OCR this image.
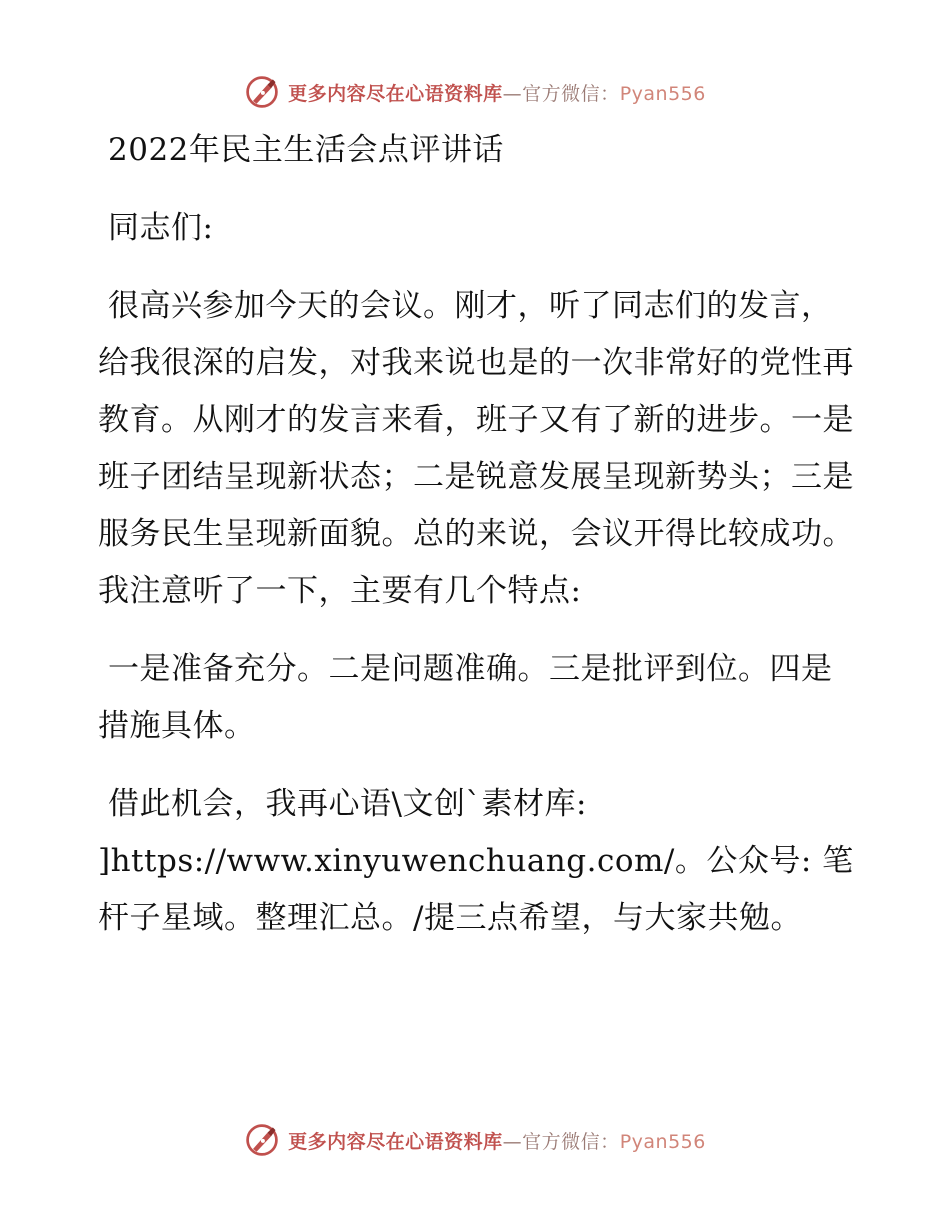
更多内容尽在心语资料库—官方微信：Pyan556

2022年民主生活会点评讲话

同志们:

很高兴参加今天的会议。刚才，听了同志们的发言，给我很深的启发，对我来说也是的一次非常好的党性再教育。从刚才的发言来看，班子又有了新的进步。一是班子团结呈现新状态；二是锐意发展呈现新势头；三是服务民生呈现新面貌。总的来说，会议开得比较成功。我注意听了一下，主要有几个特点:

一是准备充分。二是问题准确。三是批评到位。四是措施具体。

借此机会，我再心语\文创`素材库: ]https://www.xinyuwenchuang.com/。公众号: 笔杆子星域。整理汇总。/提三点希望，与大家共勉。

更多内容尽在心语资料库—官方微信：Pyan556
